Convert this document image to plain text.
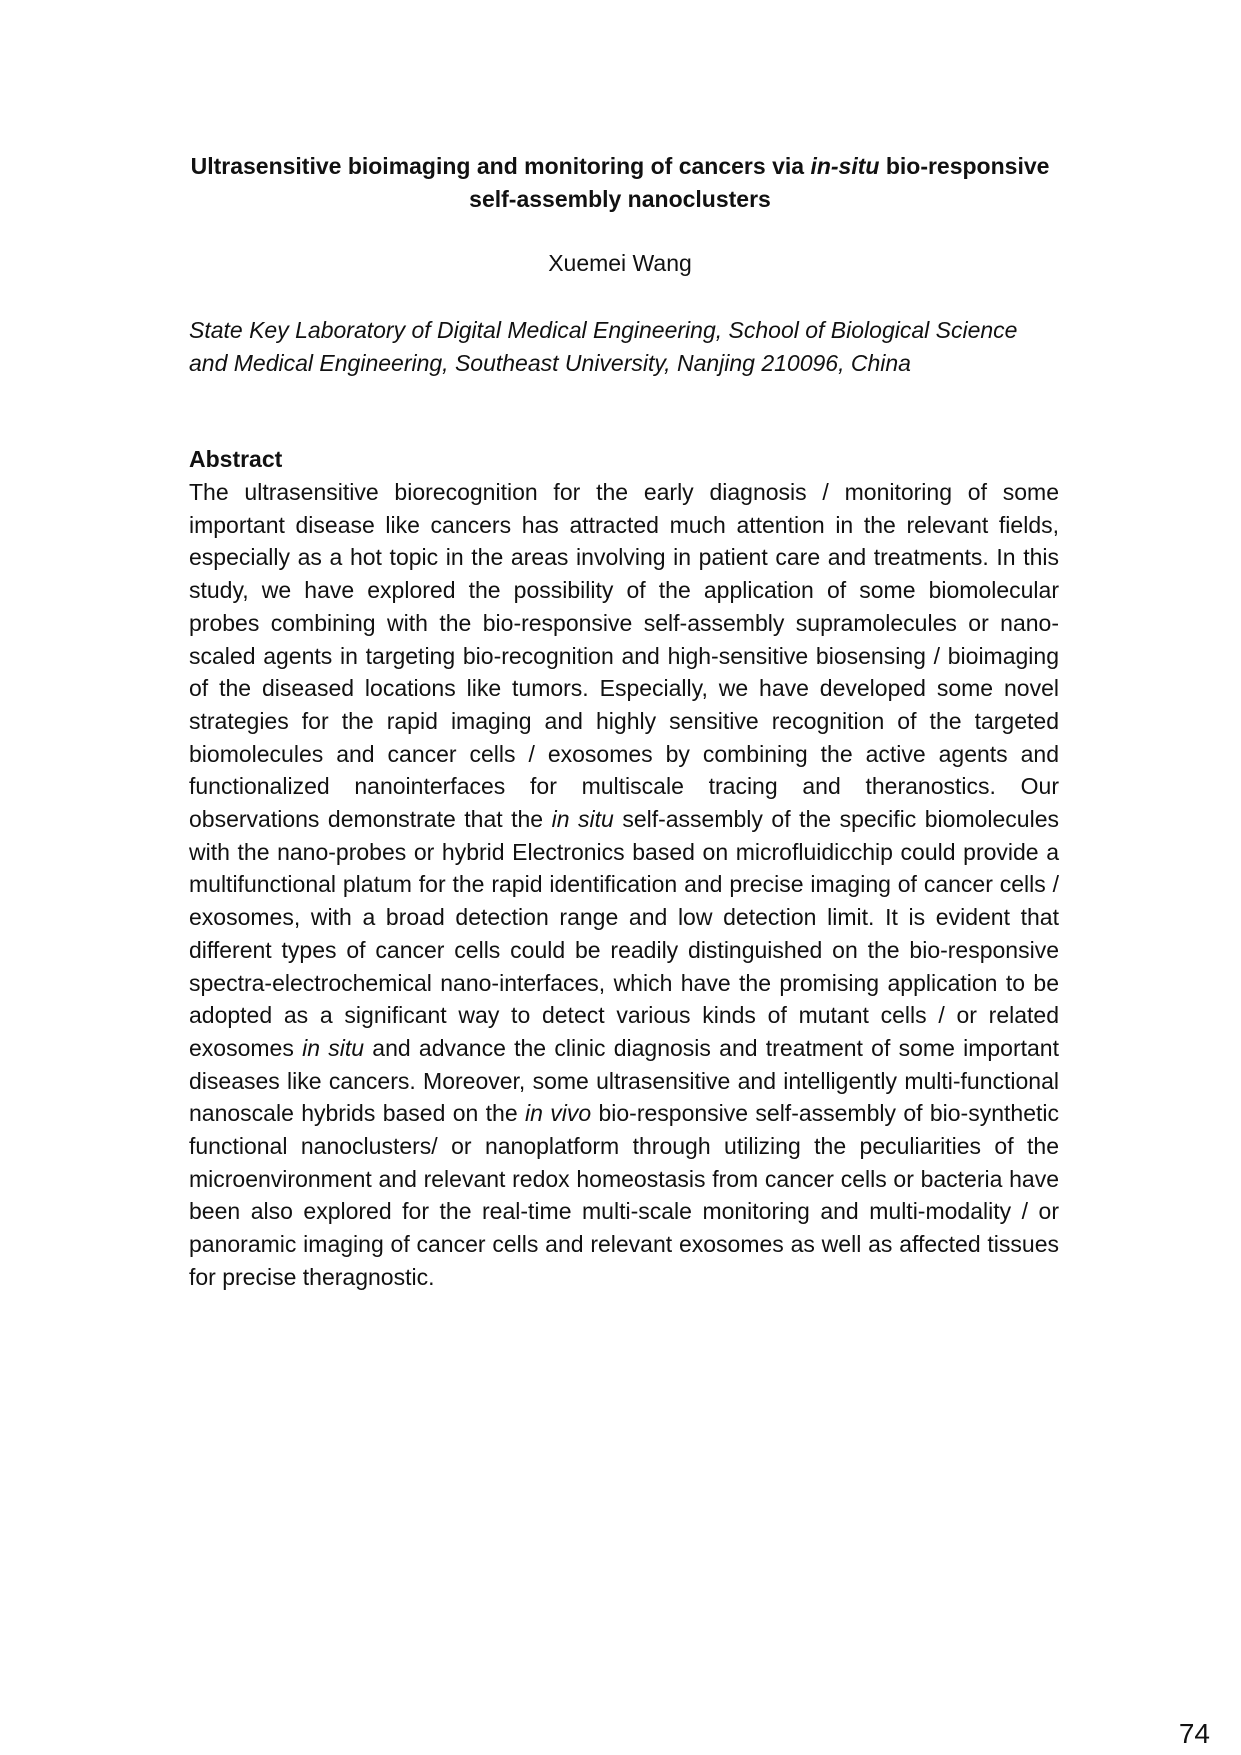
Ultrasensitive bioimaging and monitoring of cancers via in-situ bio-responsive self-assembly nanoclusters
Xuemei Wang
State Key Laboratory of Digital Medical Engineering, School of Biological Science and Medical Engineering, Southeast University, Nanjing 210096, China
Abstract
The ultrasensitive biorecognition for the early diagnosis / monitoring of some important disease like cancers has attracted much attention in the relevant fields, especially as a hot topic in the areas involving in patient care and treatments. In this study, we have explored the possibility of the application of some biomolecular probes combining with the bio-responsive self-assembly supramolecules or nano-scaled agents in targeting bio-recognition and high-sensitive biosensing / bioimaging of the diseased locations like tumors. Especially, we have developed some novel strategies for the rapid imaging and highly sensitive recognition of the targeted biomolecules and cancer cells / exosomes by combining the active agents and functionalized nanointerfaces for multiscale tracing and theranostics. Our observations demonstrate that the in situ self-assembly of the specific biomolecules with the nano-probes or hybrid Electronics based on microfluidicchip could provide a multifunctional platum for the rapid identification and precise imaging of cancer cells / exosomes, with a broad detection range and low detection limit. It is evident that different types of cancer cells could be readily distinguished on the bio-responsive spectra-electrochemical nano-interfaces, which have the promising application to be adopted as a significant way to detect various kinds of mutant cells / or related exosomes in situ and advance the clinic diagnosis and treatment of some important diseases like cancers. Moreover, some ultrasensitive and intelligently multi-functional nanoscale hybrids based on the in vivo bio-responsive self-assembly of bio-synthetic functional nanoclusters/ or nanoplatform through utilizing the peculiarities of the microenvironment and relevant redox homeostasis from cancer cells or bacteria have been also explored for the real-time multi-scale monitoring and multi-modality / or panoramic imaging of cancer cells and relevant exosomes as well as affected tissues for precise theragnostic.
74
